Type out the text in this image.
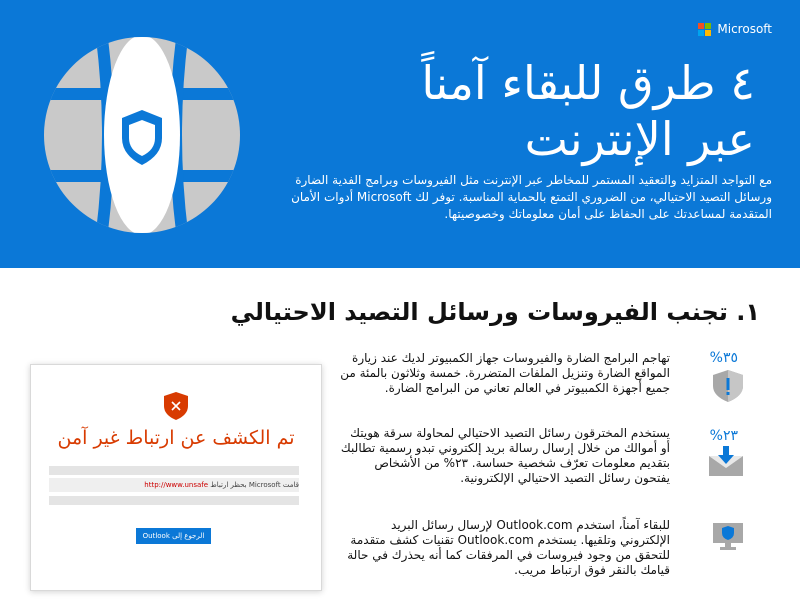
Microsoft
٤ طرق للبقاء آمناً
عبر الإنترنت
مع التواجد المتزايد والتعقيد المستمر للمخاطر عبر الإنترنت مثل الفيروسات وبرامج الفدية الضارة ورسائل التصيد الاحتيالي، من الضروري التمتع بالحماية المناسبة. توفر لك Microsoft أدوات الأمان المتقدمة لمساعدتك على الحفاظ على أمان معلوماتك وخصوصيتها.
١. تجنب الفيروسات ورسائل التصيد الاحتيالي
تم الكشف عن ارتباط غير آمن
قامت Microsoft بحظر ارتباط http://www.unsafe
الرجوع إلى Outlook
٣٥%
تهاجم البرامج الضارة والفيروسات جهاز الكمبيوتر لديك عند زيارة المواقع الضارة وتنزيل الملفات المتضررة. خمسة وثلاثون بالمئة من جميع أجهزة الكمبيوتر في العالم تعاني من البرامج الضارة.
٢٣%
يستخدم المخترقون رسائل التصيد الاحتيالي لمحاولة سرقة هويتك أو أموالك من خلال إرسال رسالة بريد إلكتروني تبدو رسمية تطالبك بتقديم معلومات تعرّف شخصية حساسة. ٢٣% من الأشخاص يفتحون رسائل التصيد الاحتيالي الإلكترونية.
للبقاء آمناً، استخدم Outlook.com لإرسال رسائل البريد الإلكتروني وتلقيها. يستخدم Outlook.com تقنيات كشف متقدمة للتحقق من وجود فيروسات في المرفقات كما أنه يحذرك في حالة قيامك بالنقر فوق ارتباط مريب.
